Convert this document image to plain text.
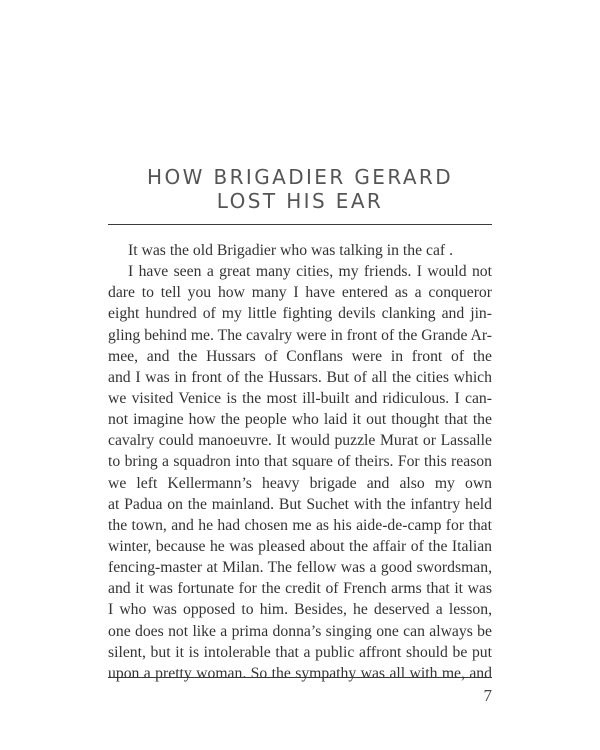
HOW BRIGADIER GERARD
LOST HIS EAR
It was the old Brigadier who was talking in the caf .
I have seen a great many cities, my friends. I would not
dare to tell you how many I have entered as a conqueror
eight hundred of my little fighting devils clanking and jin-
gling behind me. The cavalry were in front of the Grande Ar-
mee, and the Hussars of Conflans were in front of the
and I was in front of the Hussars. But of all the cities which
we visited Venice is the most ill-built and ridiculous. I can-
not imagine how the people who laid it out thought that the
cavalry could manoeuvre. It would puzzle Murat or Lassalle
to bring a squadron into that square of theirs. For this reason
we left Kellermann’s heavy brigade and also my own
at Padua on the mainland. But Suchet with the infantry held
the town, and he had chosen me as his aide-de-camp for that
winter, because he was pleased about the affair of the Italian
fencing-master at Milan. The fellow was a good swordsman,
and it was fortunate for the credit of French arms that it was
I who was opposed to him. Besides, he deserved a lesson,
one does not like a prima donna’s singing one can always be
silent, but it is intolerable that a public affront should be put
upon a pretty woman. So the sympathy was all with me, and
7
